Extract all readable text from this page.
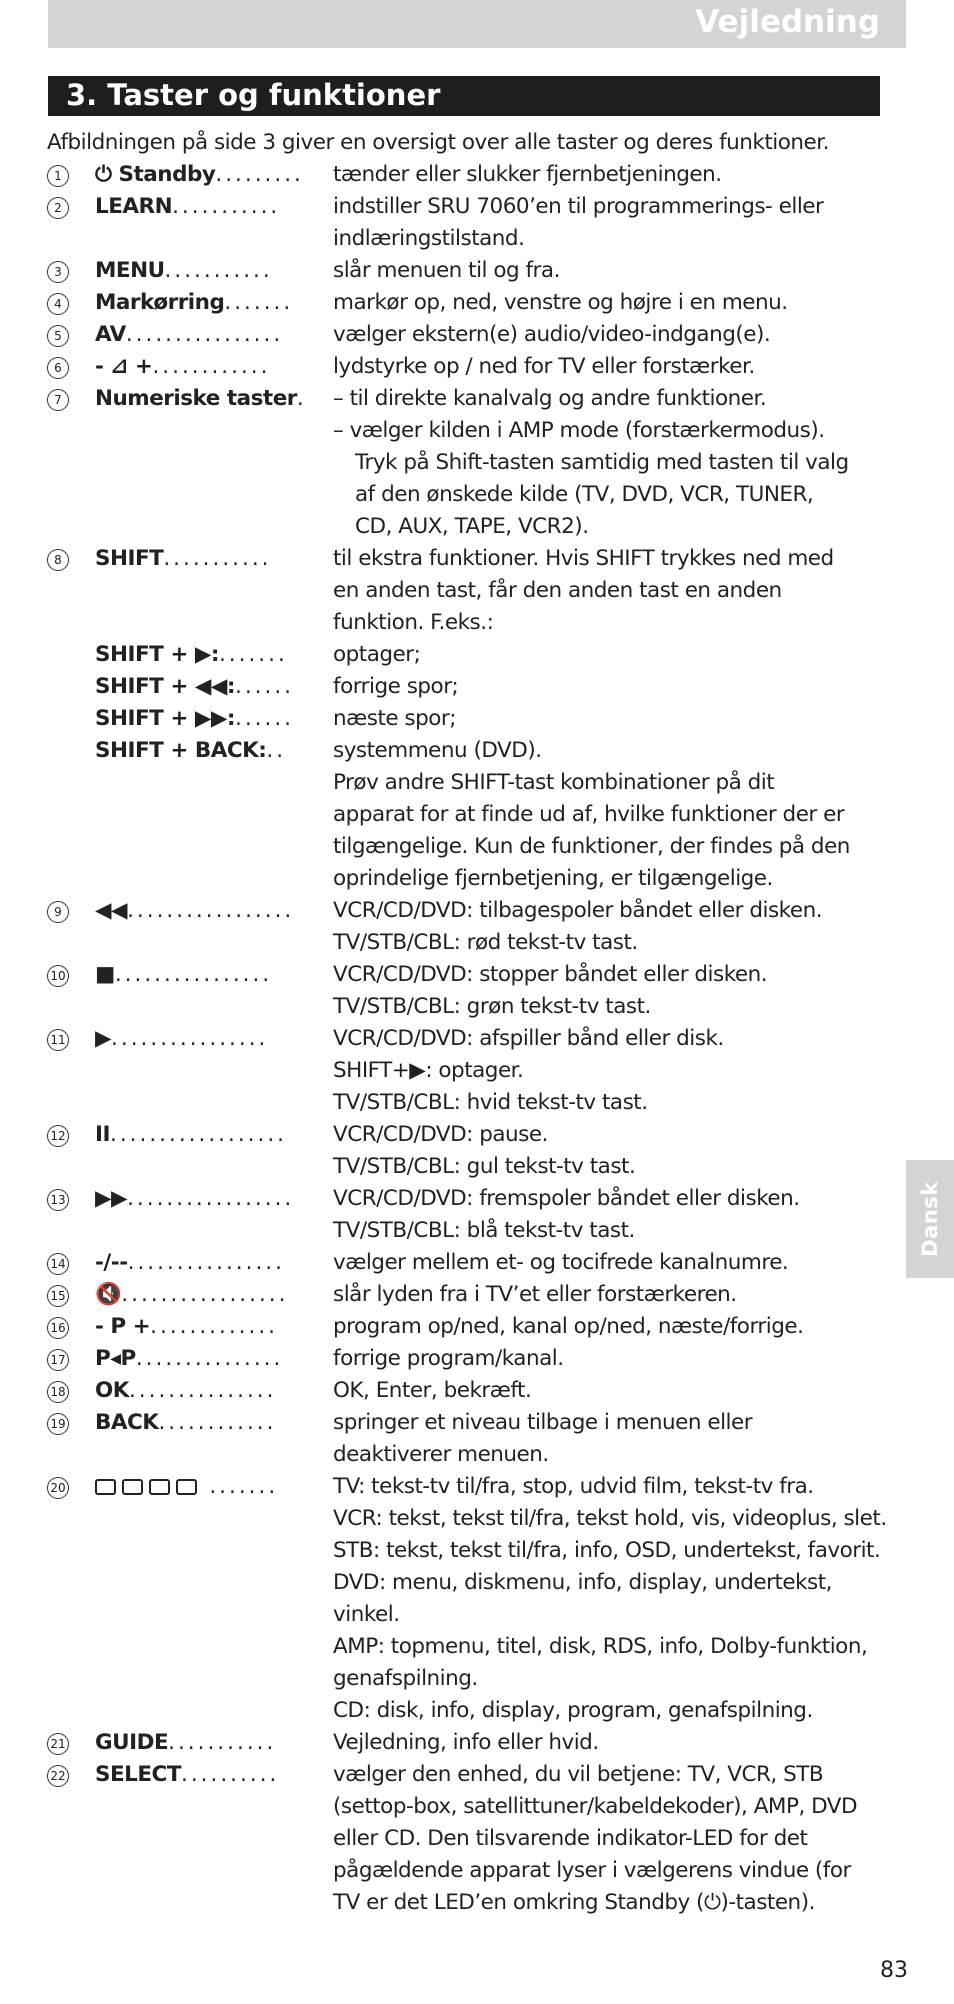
Vejledning
3. Taster og funktioner
Afbildningen på side 3 giver en oversigt over alle taster og deres funktioner.
1	⏻ Standby.........	tænder eller slukker fjernbetjeningen.
2	LEARN...........	indstiller SRU 7060’en til programmerings- eller
indlæringstilstand.
3	MENU...........	slår menuen til og fra.
4	Markørring.......	markør op, ned, venstre og højre i en menu.
5	AV................	vælger ekstern(e) audio/video-indgang(e).
6	- ⊿ +............	lydstyrke op / ned for TV eller forstærker.
7	Numeriske taster.	– til direkte kanalvalg og andre funktioner.
– vælger kilden i AMP mode (forstærkermodus).
Tryk på Shift-tasten samtidig med tasten til valg
af den ønskede kilde (TV, DVD, VCR, TUNER,
CD, AUX, TAPE, VCR2).
8	SHIFT...........	til ekstra funktioner. Hvis SHIFT trykkes ned med
en anden tast, får den anden tast en anden
funktion. F.eks.:
SHIFT + ▶:.......	optager;
SHIFT + ◀◀:......	forrige spor;
SHIFT + ▶▶:......	næste spor;
SHIFT + BACK:..	systemmenu (DVD).
Prøv andre SHIFT-tast kombinationer på dit
apparat for at finde ud af, hvilke funktioner der er
tilgængelige. Kun de funktioner, der findes på den
oprindelige fjernbetjening, er tilgængelige.
9	◀◀.................	VCR/CD/DVD: tilbagespoler båndet eller disken.
TV/STB/CBL: rød tekst-tv tast.
10 ■................	VCR/CD/DVD: stopper båndet eller disken.
TV/STB/CBL: grøn tekst-tv tast.
11 ▶................	VCR/CD/DVD: afspiller bånd eller disk.
SHIFT+▶: optager.
TV/STB/CBL: hvid tekst-tv tast.
12 II..................	VCR/CD/DVD: pause.
TV/STB/CBL: gul tekst-tv tast.
13 ▶▶.................	VCR/CD/DVD: fremspoler båndet eller disken.
TV/STB/CBL: blå tekst-tv tast.
14 -/--................	vælger mellem et- og tocifrede kanalnumre.
15 🔇.................	slår lyden fra i TV’et eller forstærkeren.
16 - P +.............	program op/ned, kanal op/ned, næste/forrige.
17 P◂P...............	forrige program/kanal.
18 OK...............	OK, Enter, bekræft.
19 BACK............	springer et niveau tilbage i menuen eller
deaktiverer menuen.
20	.......	TV: tekst-tv til/fra, stop, udvid film, tekst-tv fra.
VCR: tekst, tekst til/fra, tekst hold, vis, videoplus, slet.
STB: tekst, tekst til/fra, info, OSD, undertekst, favorit.
DVD: menu, diskmenu, info, display, undertekst,
vinkel.
AMP: topmenu, titel, disk, RDS, info, Dolby-funktion,
genafspilning.
CD: disk, info, display, program, genafspilning.
21 GUIDE...........	Vejledning, info eller hvid.
22 SELECT..........	vælger den enhed, du vil betjene: TV, VCR, STB
(settop-box, satellittuner/kabeldekoder), AMP, DVD
eller CD. Den tilsvarende indikator-LED for det
pågældende apparat lyser i vælgerens vindue (for
TV er det LED’en omkring Standby (⏻)-tasten).
Dansk
83
